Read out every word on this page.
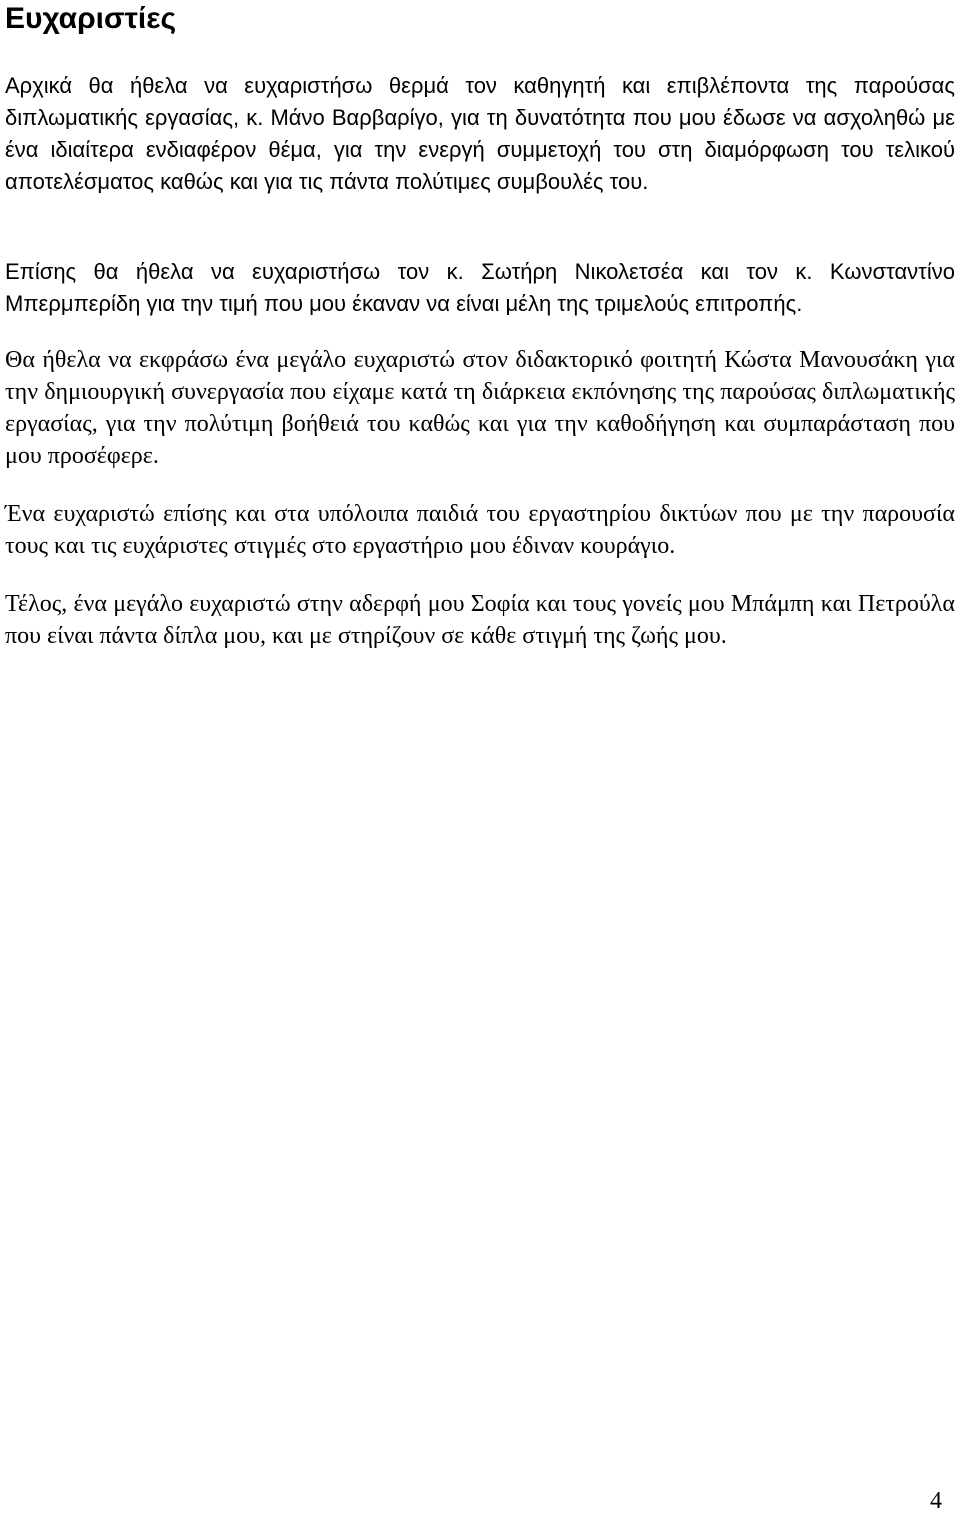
Ευχαριστίες

Αρχικά θα ήθελα να ευχαριστήσω θερμά τον καθηγητή και επιβλέποντα της παρούσας διπλωματικής εργασίας, κ. Μάνο Βαρβαρίγο, για τη δυνατότητα που μου έδωσε να ασχοληθώ με ένα ιδιαίτερα ενδιαφέρον θέμα, για την ενεργή συμμετοχή του στη διαμόρφωση του τελικού αποτελέσματος καθώς και για τις πάντα πολύτιμες συμβουλές του.

Επίσης θα ήθελα να ευχαριστήσω τον κ. Σωτήρη Νικολετσέα και τον κ. Κωνσταντίνο Μπερμπερίδη για την τιμή που μου έκαναν να είναι μέλη της τριμελούς επιτροπής.

Θα ήθελα να εκφράσω ένα μεγάλο ευχαριστώ στον διδακτορικό φοιτητή Κώστα Μανουσάκη για την δημιουργική συνεργασία που είχαμε κατά τη διάρκεια εκπόνησης της παρούσας διπλωματικής εργασίας, για την πολύτιμη βοήθειά του καθώς και για την καθοδήγηση και συμπαράσταση που μου προσέφερε.

Ένα ευχαριστώ επίσης και στα υπόλοιπα παιδιά του εργαστηρίου δικτύων που με την παρουσία τους και τις ευχάριστες στιγμές στο εργαστήριο μου έδιναν κουράγιο.

Τέλος, ένα μεγάλο ευχαριστώ στην αδερφή μου Σοφία και τους γονείς μου Μπάμπη και Πετρούλα που είναι πάντα δίπλα μου, και με στηρίζουν σε κάθε στιγμή της ζωής μου.

4
